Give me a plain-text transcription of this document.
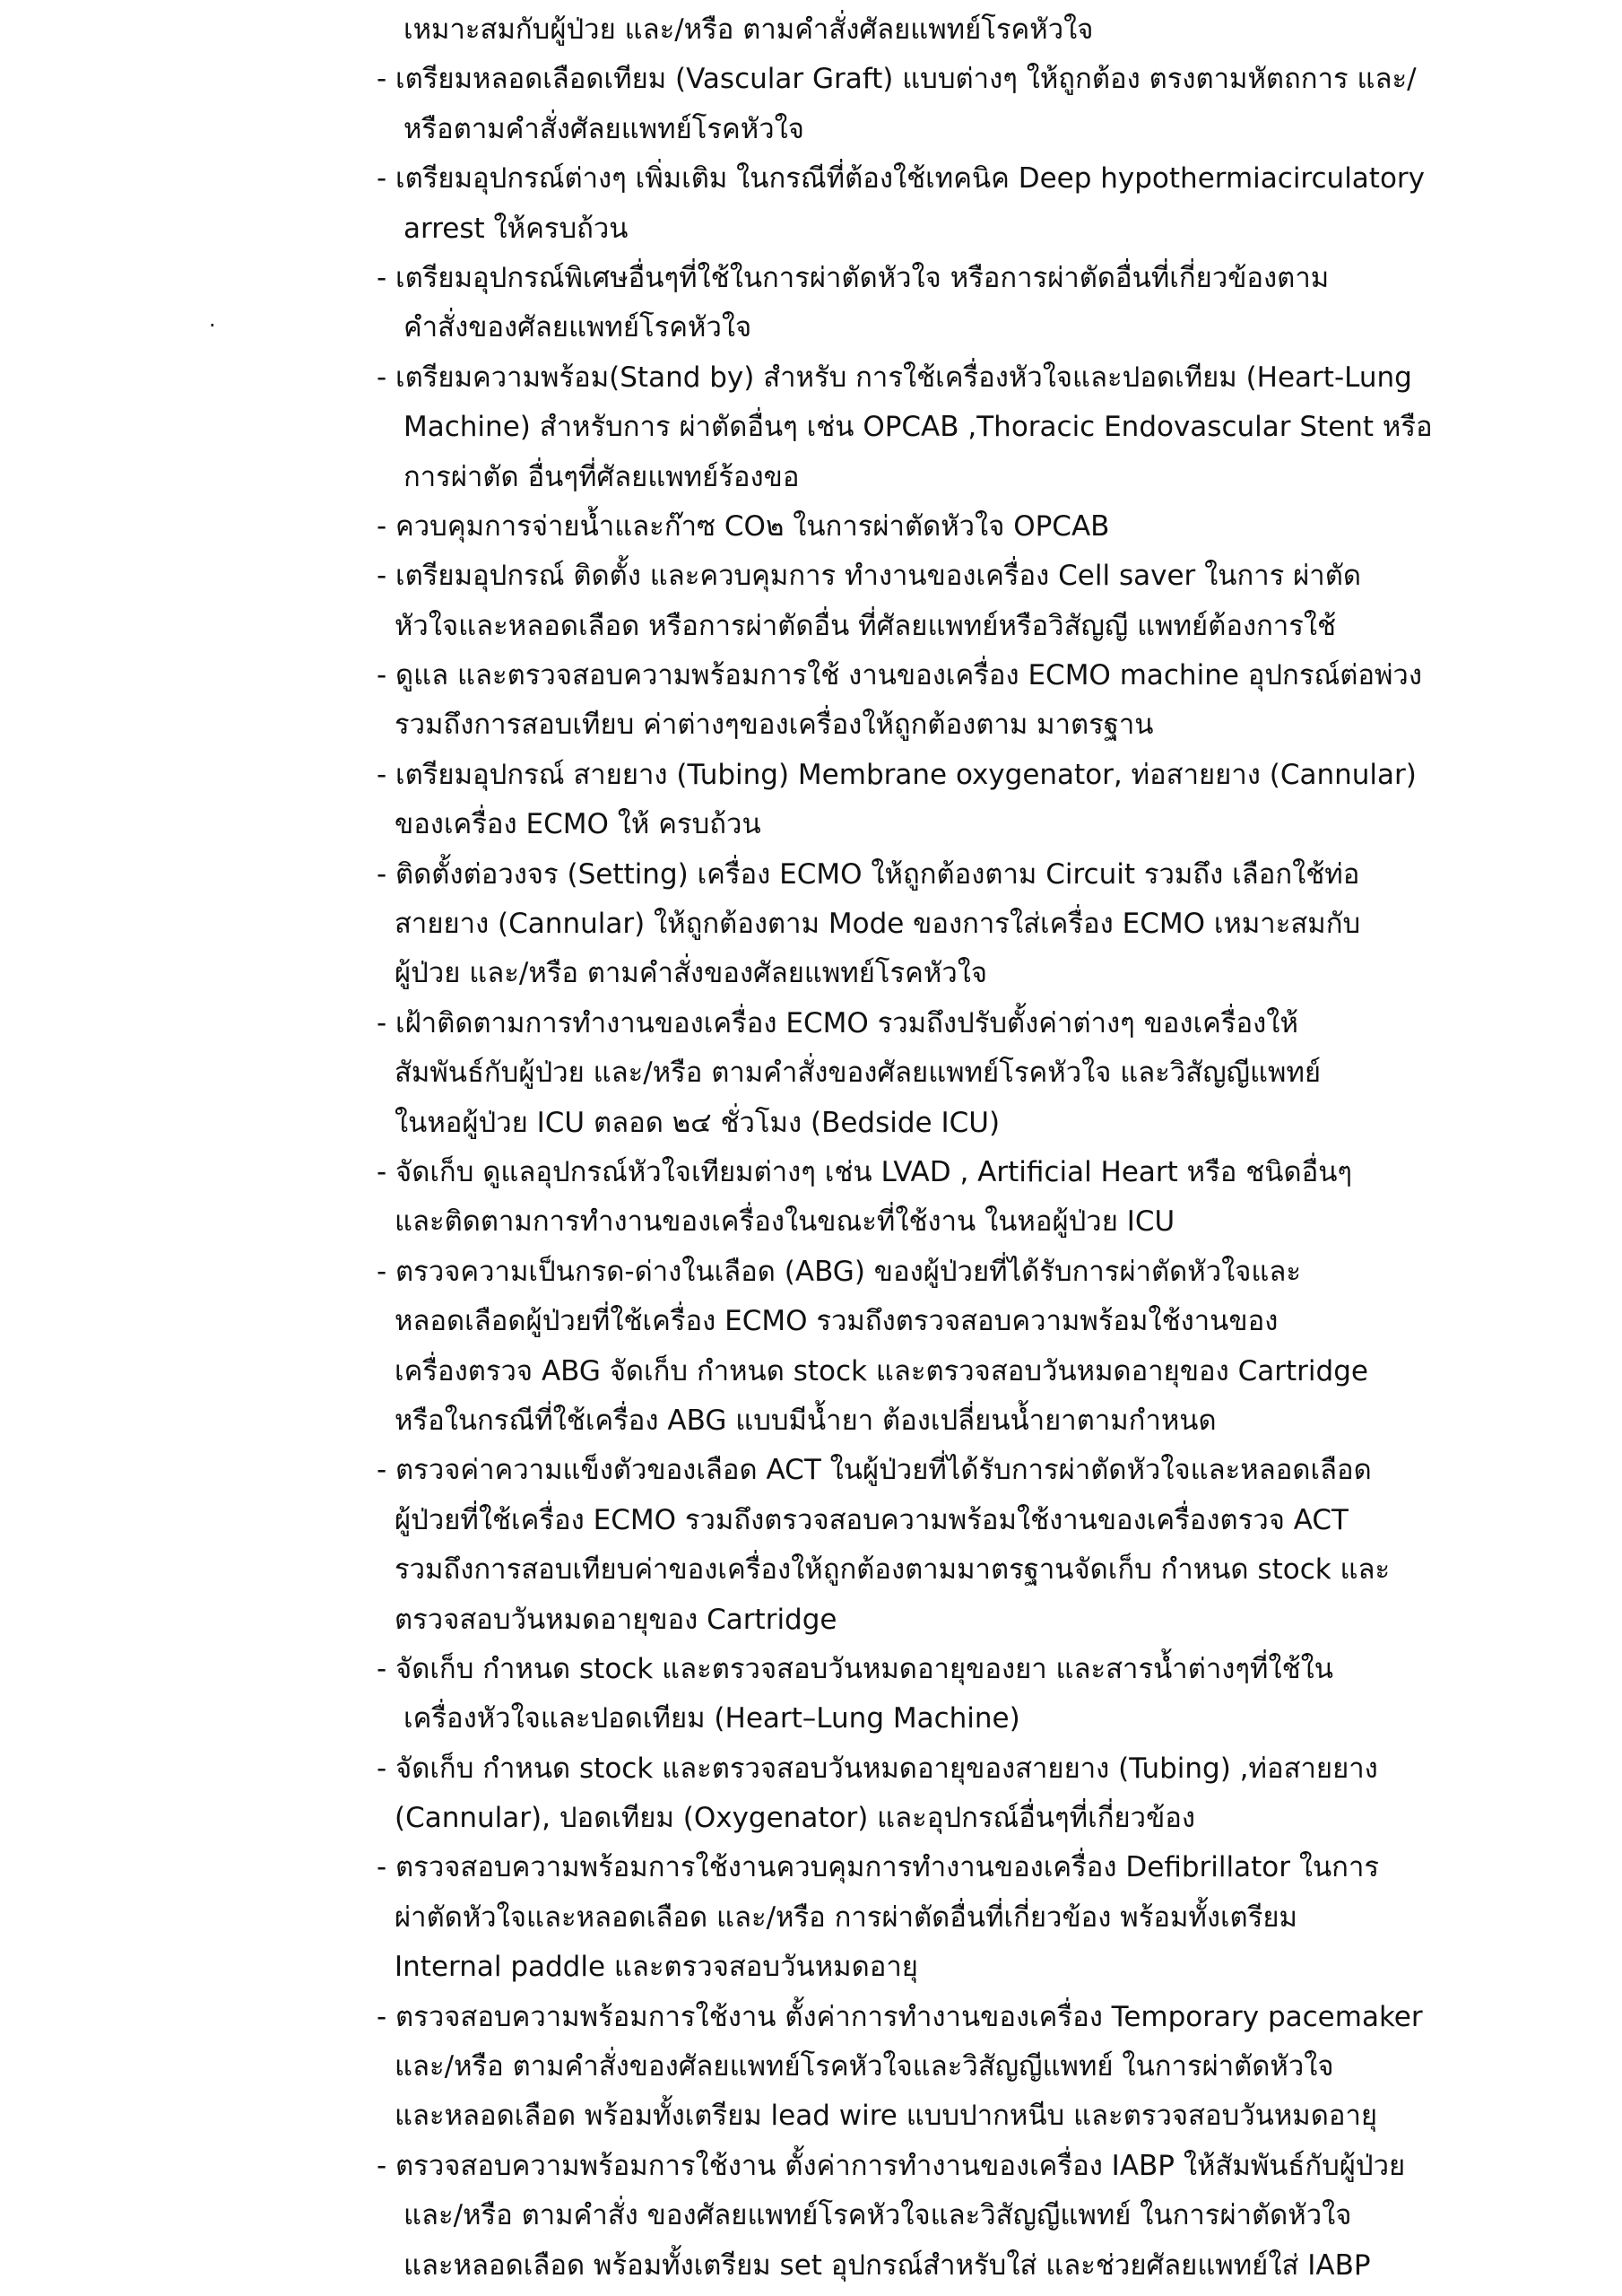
.
เหมาะสมกับผู้ป่วย และ/หรือ ตามคำสั่งศัลยแพทย์โรคหัวใจ
- เตรียมหลอดเลือดเทียม (Vascular Graft) แบบต่างๆ ให้ถูกต้อง ตรงตามหัตถการ และ/
หรือตามคำสั่งศัลยแพทย์โรคหัวใจ
- เตรียมอุปกรณ์ต่างๆ เพิ่มเติม ในกรณีที่ต้องใช้เทคนิค Deep hypothermiacirculatory
arrest ให้ครบถ้วน
- เตรียมอุปกรณ์พิเศษอื่นๆที่ใช้ในการผ่าตัดหัวใจ หรือการผ่าตัดอื่นที่เกี่ยวข้องตาม
คำสั่งของศัลยแพทย์โรคหัวใจ
- เตรียมความพร้อม(Stand by) สำหรับ การใช้เครื่องหัวใจและปอดเทียม (Heart-Lung
Machine) สำหรับการ ผ่าตัดอื่นๆ เช่น OPCAB ,Thoracic Endovascular Stent หรือ
การผ่าตัด อื่นๆที่ศัลยแพทย์ร้องขอ
- ควบคุมการจ่ายน้ำและก๊าซ CO๒ ในการผ่าตัดหัวใจ OPCAB
- เตรียมอุปกรณ์ ติดตั้ง และควบคุมการ ทำงานของเครื่อง Cell saver ในการ ผ่าตัด
หัวใจและหลอดเลือด หรือการผ่าตัดอื่น ที่ศัลยแพทย์หรือวิสัญญี แพทย์ต้องการใช้
- ดูแล และตรวจสอบความพร้อมการใช้ งานของเครื่อง ECMO machine อุปกรณ์ต่อพ่วง
รวมถึงการสอบเทียบ ค่าต่างๆของเครื่องให้ถูกต้องตาม มาตรฐาน
- เตรียมอุปกรณ์ สายยาง (Tubing) Membrane oxygenator, ท่อสายยาง (Cannular)
ของเครื่อง ECMO ให้ ครบถ้วน
- ติดตั้งต่อวงจร (Setting) เครื่อง ECMO ให้ถูกต้องตาม Circuit รวมถึง เลือกใช้ท่อ
สายยาง (Cannular) ให้ถูกต้องตาม Mode ของการใส่เครื่อง ECMO เหมาะสมกับ
ผู้ป่วย และ/หรือ ตามคำสั่งของศัลยแพทย์โรคหัวใจ
- เฝ้าติดตามการทำงานของเครื่อง ECMO รวมถึงปรับตั้งค่าต่างๆ ของเครื่องให้
สัมพันธ์กับผู้ป่วย และ/หรือ ตามคำสั่งของศัลยแพทย์โรคหัวใจ และวิสัญญีแพทย์
ในหอผู้ป่วย ICU ตลอด ๒๔ ชั่วโมง (Bedside ICU)
- จัดเก็บ ดูแลอุปกรณ์หัวใจเทียมต่างๆ เช่น LVAD , Artificial Heart หรือ ชนิดอื่นๆ
และติดตามการทำงานของเครื่องในขณะที่ใช้งาน ในหอผู้ป่วย ICU
- ตรวจความเป็นกรด-ด่างในเลือด (ABG) ของผู้ป่วยที่ได้รับการผ่าตัดหัวใจและ
หลอดเลือดผู้ป่วยที่ใช้เครื่อง ECMO รวมถึงตรวจสอบความพร้อมใช้งานของ
เครื่องตรวจ ABG จัดเก็บ กำหนด stock และตรวจสอบวันหมดอายุของ Cartridge
หรือในกรณีที่ใช้เครื่อง ABG แบบมีน้ำยา ต้องเปลี่ยนน้ำยาตามกำหนด
- ตรวจค่าความแข็งตัวของเลือด ACT ในผู้ป่วยที่ได้รับการผ่าตัดหัวใจและหลอดเลือด
ผู้ป่วยที่ใช้เครื่อง ECMO รวมถึงตรวจสอบความพร้อมใช้งานของเครื่องตรวจ ACT
รวมถึงการสอบเทียบค่าของเครื่องให้ถูกต้องตามมาตรฐานจัดเก็บ กำหนด stock และ
ตรวจสอบวันหมดอายุของ Cartridge
- จัดเก็บ กำหนด stock และตรวจสอบวันหมดอายุของยา และสารน้ำต่างๆที่ใช้ใน
เครื่องหัวใจและปอดเทียม (Heart–Lung Machine)
- จัดเก็บ กำหนด stock และตรวจสอบวันหมดอายุของสายยาง (Tubing) ,ท่อสายยาง
(Cannular), ปอดเทียม (Oxygenator) และอุปกรณ์อื่นๆที่เกี่ยวข้อง
- ตรวจสอบความพร้อมการใช้งานควบคุมการทำงานของเครื่อง Defibrillator ในการ
ผ่าตัดหัวใจและหลอดเลือด และ/หรือ การผ่าตัดอื่นที่เกี่ยวข้อง พร้อมทั้งเตรียม
Internal paddle และตรวจสอบวันหมดอายุ
- ตรวจสอบความพร้อมการใช้งาน ตั้งค่าการทำงานของเครื่อง Temporary pacemaker
และ/หรือ ตามคำสั่งของศัลยแพทย์โรคหัวใจและวิสัญญีแพทย์ ในการผ่าตัดหัวใจ
และหลอดเลือด พร้อมทั้งเตรียม lead wire แบบปากหนีบ และตรวจสอบวันหมดอายุ
- ตรวจสอบความพร้อมการใช้งาน ตั้งค่าการทำงานของเครื่อง IABP ให้สัมพันธ์กับผู้ป่วย
และ/หรือ ตามคำสั่ง ของศัลยแพทย์โรคหัวใจและวิสัญญีแพทย์ ในการผ่าตัดหัวใจ
และหลอดเลือด พร้อมทั้งเตรียม set อุปกรณ์สำหรับใส่ และช่วยศัลยแพทย์ใส่ IABP
